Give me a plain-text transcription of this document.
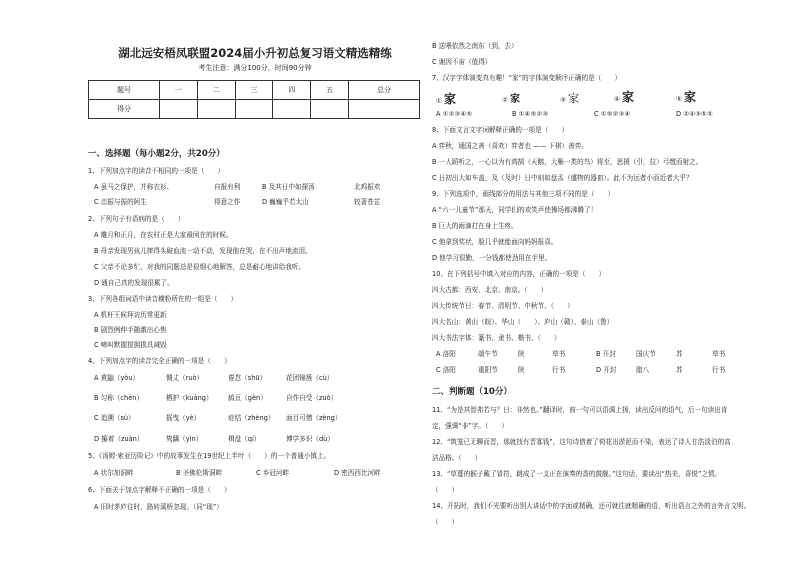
湖北远安梧凤联盟2024届小升初总复习语文精选精练
考生注意：满分100分，时间90分钟
题号	一	二	三	四	五	总分
得分						
一、选择题（每小题2分，共20分）
1、下列加点字的读音不相同的一项是（　　）
A 虽马之保护，并称衣衫、	自报有利	B 及其日中如探汤	北鸡振欢
C 忠振与振的阿生	得意之作	D 巍巍乎若太山	较著苍芷
2、下列句子有语病的是（　　）
A 雕月和正月，在农村正是大家最闲在的时候。
B 母亲发现男孩儿摔得头破血流一动不动，发现他在哭，在不出声地流泪。
C 父亲不论多忙，对我的同题总是很细心地解答，总是耐心地讲给我听。
D 通自己真的发现很累了。
3、下列各组词语中读音横粉所在的一组是（　　）
A 机杆王候拜访历常更新
B 剧烈例伸手随激出心焦
C 啼叫默握搅拥损具减毁
4、下列加点字的读音完全正确的一项是（　　）
A 黄鼬（yòu）	惆丈（ruò）	倦怠（shū）	花团锦簇（cù）
B 匀称（chèn）	栖护（kuàng） 鸫亘（gèn）	自作自受（zuò）
C 追溯（sù）	摇曳（yè）	症结（zhèng） 面目可憎（zèng）
D 攥着（zuàn）	隽蹻（yìn）	楫盘（qí）	博学多识（dù）
5、《汤姆·索亚历险记》中的故事发生在19世纪上半叶（　　）的一个普通小镇上。
A 状尔加洞畔	B 圣佛伦斯洞畔	C 乡冠河畔	D 密西西比河畔
6、下面关于加点字解释不正确的一项是（　　）
A 旧时茅庐往时，路转溪桥忽现。（同“现”）
B 送喂依然之南东（到，去）
C 谢因不宙（值得）
7、汉字字体演变真有趣！“家”的字体演变顺序正确的是（　　）
① 家	② 家	③ 家	④ 家	⑤ 家
A ①②③④⑤	B ①④⑤②③	C ①⑤②③④	D ②④③⑤⑤
8、下面文言文字词解释正确的一项是（　　）
A 弈秋，通国之善（喜欢）弈者也 —— 下棋）善弈。
B 一人蹈听之，一心以为有鸿鹄（天鹅，大雁一类的鸟）将至，思援（引，拉）弓缴而射之。
C 日初出大如车盖，及（及时）日中则如盘盂（盛物的器皿）。此不为远者小而近者大乎？
9、下列选项中，画线部分的用法与其他三项不同的是（　　）
A “六一儿童节”那天，同学们的欢笑声使操场都沸腾了！
B 巨大的雨滴打在身上生疼。
C 他拿到奖状，脸几乎就能面向妈妈报喜。
D 他学习很勤，一分钱都使劲用在手里。
10、在下列括号中填入对应的内容，正确的一项是（　　）
四大古都：西安、北京、南京、（　　）
四大传统节日：春节、清明节、中秋节、（　　）
四大名山：黄山（皖）、华山（　　）、庐山（赣）、泰山（鲁）
四大书法字体：篆书、隶书、楷书、（　　）
A 洛阳	端午节	陕	草书	B 开封	国庆节	苏	草书
C 洛阳	重阳节	陕	行书	D 开封	腊八	苏	行书
二、判断题（10分）
11、“为是其智弗若与？日：非然也。”翻译时，前一句可以语调上扬，读出反问的语气，后一句读出肯
定，强调“非”字。（　　）
12、“筑笼已无聊而晋，那就找有晋寡钱”，这句诗借着了荷花出淤泥而不染，表达了诗人甘浩淡泊的高
洁品格。（　　）
13、“草蔓的猴子戴了冒符，跳成了一支正在演奏的香的鼓舰。”这句话，要读出“热美，喜悦”之情。
（　　）
14、开拓时，我们不光要听出别人讲话中的字面或精确，还可就往就精确的语，听出语言之外的言外言文明。
（　　）
